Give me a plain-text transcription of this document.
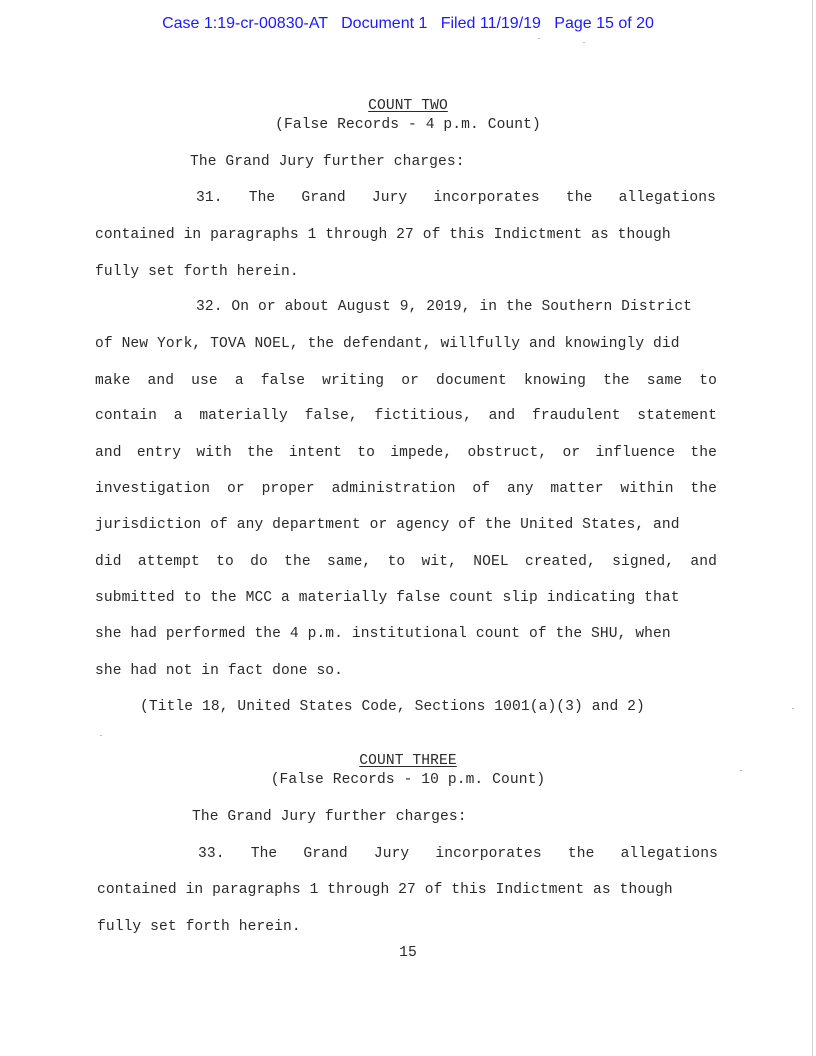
Case 1:19-cr-00830-AT   Document 1   Filed 11/19/19   Page 15 of 20
COUNT TWO
(False Records - 4 p.m. Count)
The Grand Jury further charges:
31. The Grand Jury incorporates the allegations
contained in paragraphs 1 through 27 of this Indictment as though
fully set forth herein.
32. On or about August 9, 2019, in the Southern District
of New York, TOVA NOEL, the defendant, willfully and knowingly did
make and use a false writing or document knowing the same to
contain a materially false, fictitious, and fraudulent statement
and entry with the intent to impede, obstruct, or influence the
investigation or proper administration of any matter within the
jurisdiction of any department or agency of the United States, and
did attempt to do the same, to wit, NOEL created, signed, and
submitted to the MCC a materially false count slip indicating that
she had performed the 4 p.m. institutional count of the SHU, when
she had not in fact done so.
(Title 18, United States Code, Sections 1001(a)(3) and 2)
COUNT THREE
(False Records - 10 p.m. Count)
The Grand Jury further charges:
33. The Grand Jury incorporates the allegations
contained in paragraphs 1 through 27 of this Indictment as though
fully set forth herein.
15
